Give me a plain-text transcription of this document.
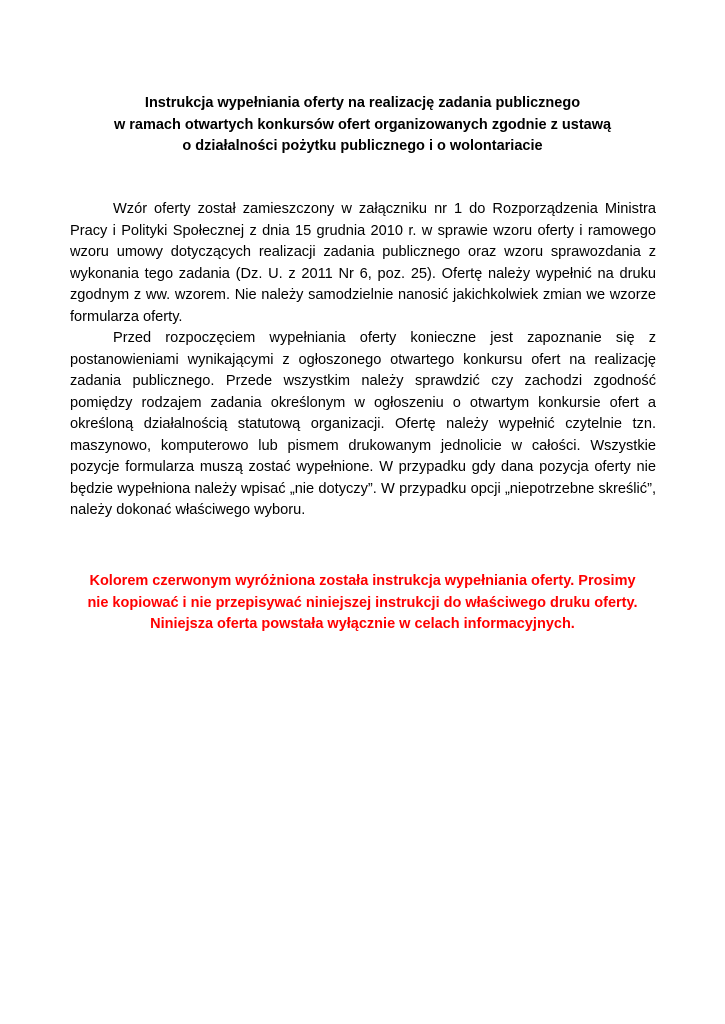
Instrukcja wypełniania oferty na realizację zadania publicznego
w ramach otwartych konkursów ofert organizowanych zgodnie z ustawą
o działalności pożytku publicznego i o wolontariacie

Wzór oferty został zamieszczony w załączniku nr 1 do Rozporządzenia Ministra Pracy i Polityki Społecznej z dnia 15 grudnia 2010 r. w sprawie wzoru oferty i ramowego wzoru umowy dotyczących realizacji zadania publicznego oraz wzoru sprawozdania z wykonania tego zadania (Dz. U. z 2011 Nr 6, poz. 25). Ofertę należy wypełnić na druku zgodnym z ww. wzorem. Nie należy samodzielnie nanosić jakichkolwiek zmian we wzorze formularza oferty.

Przed rozpoczęciem wypełniania oferty konieczne jest zapoznanie się z postanowieniami wynikającymi z ogłoszonego otwartego konkursu ofert na realizację zadania publicznego. Przede wszystkim należy sprawdzić czy zachodzi zgodność pomiędzy rodzajem zadania określonym w ogłoszeniu o otwartym konkursie ofert a określoną działalnością statutową organizacji. Ofertę należy wypełnić czytelnie tzn. maszynowo, komputerowo lub pismem drukowanym jednolicie w całości. Wszystkie pozycje formularza muszą zostać wypełnione. W przypadku gdy dana pozycja oferty nie będzie wypełniona należy wpisać „nie dotyczy”. W przypadku opcji „niepotrzebne skreślić”, należy dokonać właściwego wyboru.

Kolorem czerwonym wyróżniona została instrukcja wypełniania oferty. Prosimy
nie kopiować i nie przepisywać niniejszej instrukcji do właściwego druku oferty.
Niniejsza oferta powstała wyłącznie w celach informacyjnych.
